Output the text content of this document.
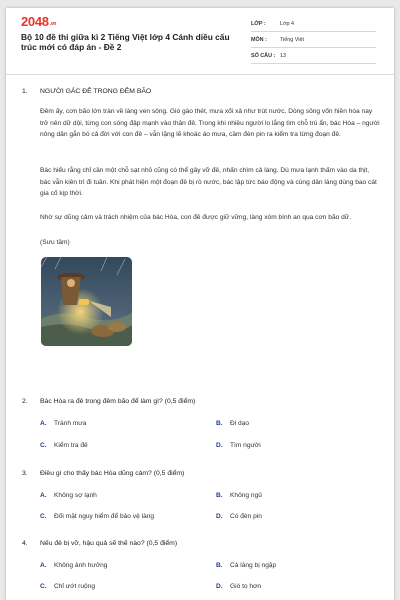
2048.vn
Bộ 10 đề thi giữa kì 2 Tiếng Việt lớp 4 Cánh diều cấu trúc mới có đáp án - Đề 2
LỚP :	Lớp 4
MÔN :	Tiếng Việt
SỐ CÂU : 13
1.	NGƯỜI GÁC ĐÊ TRONG ĐÊM BÃO
Đêm ấy, cơn bão lớn tràn về làng ven sông. Gió gào thét, mưa xối xả như trút nước. Dòng sông vốn hiền hòa nay trở nên dữ dội, từng con sóng đập mạnh vào thân đê. Trong khi nhiều người lo lắng tìm chỗ trú ẩn, bác Hòa – người nông dân gắn bó cả đời với con đê – vẫn lặng lẽ khoác áo mưa, cầm đèn pin ra kiểm tra từng đoạn đê.
Bác hiểu rằng chỉ cần một chỗ sạt nhỏ cũng có thể gây vỡ đê, nhấn chìm cả làng. Dù mưa lạnh thấm vào da thịt, bác vẫn kiên trì đi tuần. Khi phát hiện một đoạn đê bị rò nước, bác lập tức báo động và cùng dân làng dùng bao cát gia cố kịp thời.
Nhờ sự dũng cảm và trách nhiệm của bác Hòa, con đê được giữ vững, làng xóm bình an qua cơn bão dữ.
(Sưu tầm)
2.	Bác Hòa ra đê trong đêm bão để làm gì? (0,5 điểm)
A. Tránh mưa	B. Đi dạo
C. Kiểm tra đê	D. Tìm người
3.	Điều gì cho thấy bác Hòa dũng cảm? (0,5 điểm)
A. Không sợ lạnh	B. Không ngủ
C. Đối mặt nguy hiểm để bảo vệ làng	D. Có đèn pin
4.	Nếu đê bị vỡ, hậu quả sẽ thế nào? (0,5 điểm)
A. Không ảnh hưởng	B. Cả làng bị ngập
C. Chỉ ướt ruộng	D. Gió to hơn
